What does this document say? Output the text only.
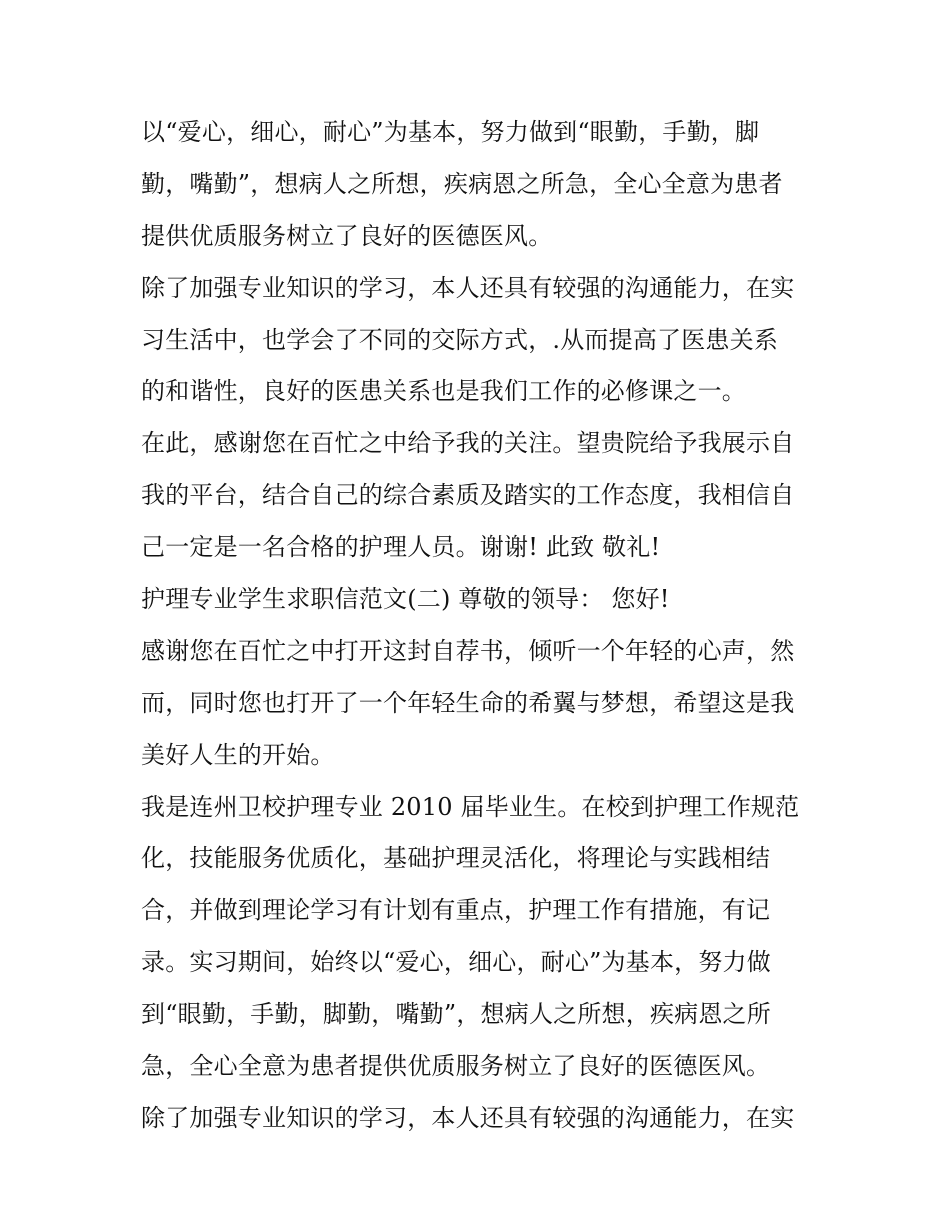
以“爱心，细心，耐心”为基本，努力做到“眼勤，手勤，脚
勤，嘴勤”，想病人之所想，疾病恩之所急，全心全意为患者
提供优质服务树立了良好的医德医风。
除了加强专业知识的学习，本人还具有较强的沟通能力，在实
习生活中，也学会了不同的交际方式，.从而提高了医患关系
的和谐性，良好的医患关系也是我们工作的必修课之一。
在此，感谢您在百忙之中给予我的关注。望贵院给予我展示自
我的平台，结合自己的综合素质及踏实的工作态度，我相信自
己一定是一名合格的护理人员。谢谢! 此致 敬礼!
护理专业学生求职信范文(二) 尊敬的领导： 您好!
感谢您在百忙之中打开这封自荐书，倾听一个年轻的心声，然
而，同时您也打开了一个年轻生命的希翼与梦想，希望这是我
美好人生的开始。
我是连州卫校护理专业 2010 届毕业生。在校到护理工作规范
化，技能服务优质化，基础护理灵活化，将理论与实践相结
合，并做到理论学习有计划有重点，护理工作有措施，有记
录。实习期间，始终以“爱心，细心，耐心”为基本，努力做
到“眼勤，手勤，脚勤，嘴勤”，想病人之所想，疾病恩之所
急，全心全意为患者提供优质服务树立了良好的医德医风。
除了加强专业知识的学习，本人还具有较强的沟通能力，在实
